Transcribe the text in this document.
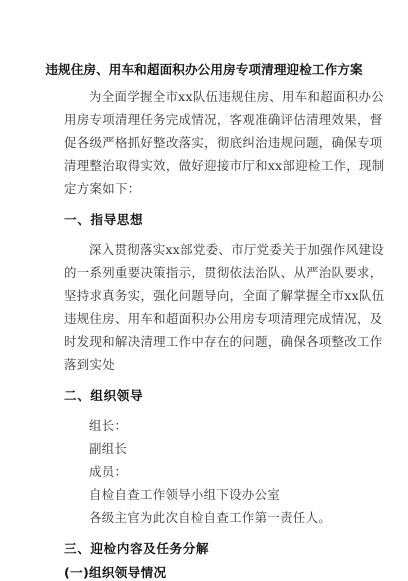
违规住房、用车和超面积办公用房专项清理迎检工作方案
为全面学握全市xx队伍违规住房、用车和超面积办公
用房专项清理任务完成情况，客观准确评估清理效果，督
促各级严格抓好整改落实，彻底纠治违规问题，确保专项
清理整治取得实效，做好迎接市厅和xx部迎检工作，现制
定方案如下：
一、指导思想
深入贯彻落实xx部党委、市厅党委关于加强作风建设
的一系列重要决策指示，贯彻依法治队、从严治队要求，
坚持求真务实，强化问题导向，全面了解掌握全市xx队伍
违规住房、用车和超面积办公用房专项清理完成情况，及
时发现和解决清理工作中存在的问题，确保各项整改工作
落到实处
二、组织领导
组长：
副组长
成员：
自检自查工作领导小组下设办公室
各级主官为此次自检自查工作第一责任人。
三、迎检内容及任务分解
(一)组织领导情况
